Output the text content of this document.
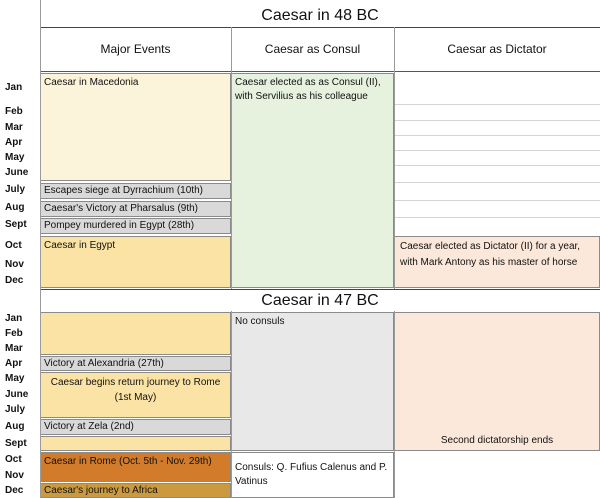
Caesar in 48 BC
Major Events	Caesar as Consul	Caesar as Dictator
Jan
Feb
Mar
Apr
May
June
July
Aug
Sept
Oct
Nov
Dec
Caesar in Macedonia
Escapes siege at Dyrrachium (10th)
Caesar's Victory at Pharsalus (9th)
Pompey murdered in Egypt (28th)
Caesar in Egypt
Caesar elected as as Consul (II), with Servilius as his colleague
Caesar elected as Dictator (II) for a year, with Mark Antony as his master of horse
Caesar in 47 BC
Jan
Feb
Mar
Apr
May
June
July
Aug
Sept
Oct
Nov
Dec
Victory at Alexandria (27th)
Caesar begins return journey to Rome (1st May)
Victory at Zela (2nd)
Caesar in Rome (Oct. 5th - Nov. 29th)
Caesar's journey to Africa
No consuls
Consuls: Q. Fufius Calenus and P. Vatinus
Second dictatorship ends
